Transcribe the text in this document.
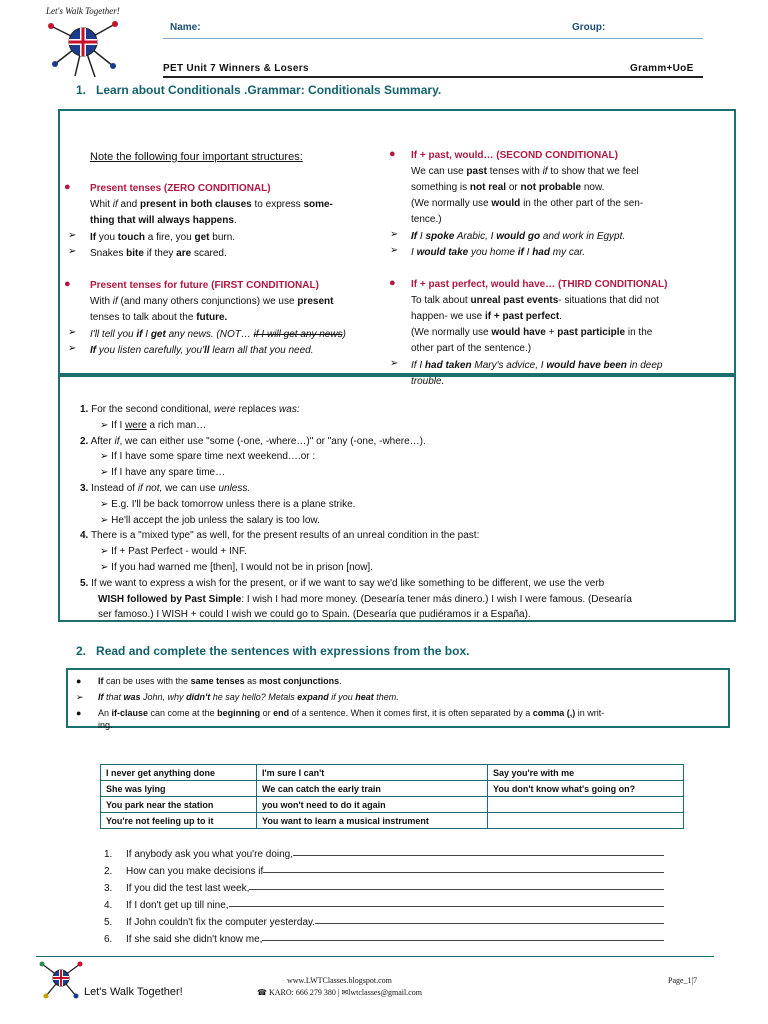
Let's Walk Together!
Name:	Group:
PET Unit 7 Winners & Losers	Gramm+UoE
1. Learn about Conditionals .Grammar: Conditionals Summary.
Note the following four important structures:
● Present tenses (ZERO CONDITIONAL)
Whit if and present in both clauses to express some-
thing that will always happens.
➢ If you touch a fire, you get burn.
➢ Snakes bite if they are scared.
● Present tenses for future (FIRST CONDITIONAL)
With if (and many others conjunctions) we use present
tenses to talk about the future.
➢ I'll tell you if I get any news. (NOT… if I will get any news)
➢ If you listen carefully, you'll learn all that you need.
● If + past, would… (SECOND CONDITIONAL)
We can use past tenses with if to show that we feel
something is not real or not probable now.
(We normally use would in the other part of the sen-
tence.)
➢ If I spoke Arabic, I would go and work in Egypt.
➢ I would take you home if I had my car.
● If + past perfect, would have… (THIRD CONDITIONAL)
To talk about unreal past events- situations that did not
happen- we use if + past perfect.
(We normally use would have + past participle in the
other part of the sentence.)
➢ If I had taken Mary's advice, I would have been in deep
trouble.
1. For the second conditional, were replaces was:
➢ If I were a rich man…
2. After if, we can either use "some (-one, -where…)" or "any (-one, -where…).
➢ If I have some spare time next weekend….or :
➢ If I have any spare time…
3. Instead of if not, we can use unless.
➢ E.g. I'll be back tomorrow unless there is a plane strike.
➢ He'll accept the job unless the salary is too low.
4. There is a "mixed type" as well, for the present results of an unreal condition in the past:
➢ If + Past Perfect - would + INF.
➢ If you had warned me [then], I would not be in prison [now].
5. If we want to express a wish for the present, or if we want to say we'd like something to be different, we use the verb
WISH followed by Past Simple: I wish I had more money. (Desearía tener más dinero.) I wish I were famous. (Desearía
ser famoso.) I WISH + could I wish we could go to Spain. (Desearía que pudiéramos ir a España).
2. Read and complete the sentences with expressions from the box.
● If can be uses with the same tenses as most conjunctions.
➢ If that was John, why didn't he say hello? Metals expand if you heat them.
● An if-clause can come at the beginning or end of a sentence. When it comes first, it is often separated by a comma (,) in writ-
ing.
I never get anything done	I'm sure I can't	Say you're with me
She was lying	We can catch the early train	You don't know what's going on?
You park near the station	you won't need to do it again	
You're not feeling up to it	You want to learn a musical instrument	
1.	If anybody ask you what you're doing,
2.	How can you make decisions if
3.	If you did the test last week,
4.	If I don't get up till nine,
5.	If John couldn't fix the computer yesterday.
6.	If she said she didn't know me,
Let's Walk Together!
www.LWTClasses.blogspot.com
☎ KARO: 666 279 380 | ✉lwtclasses@gmail.com
Page_1|7
